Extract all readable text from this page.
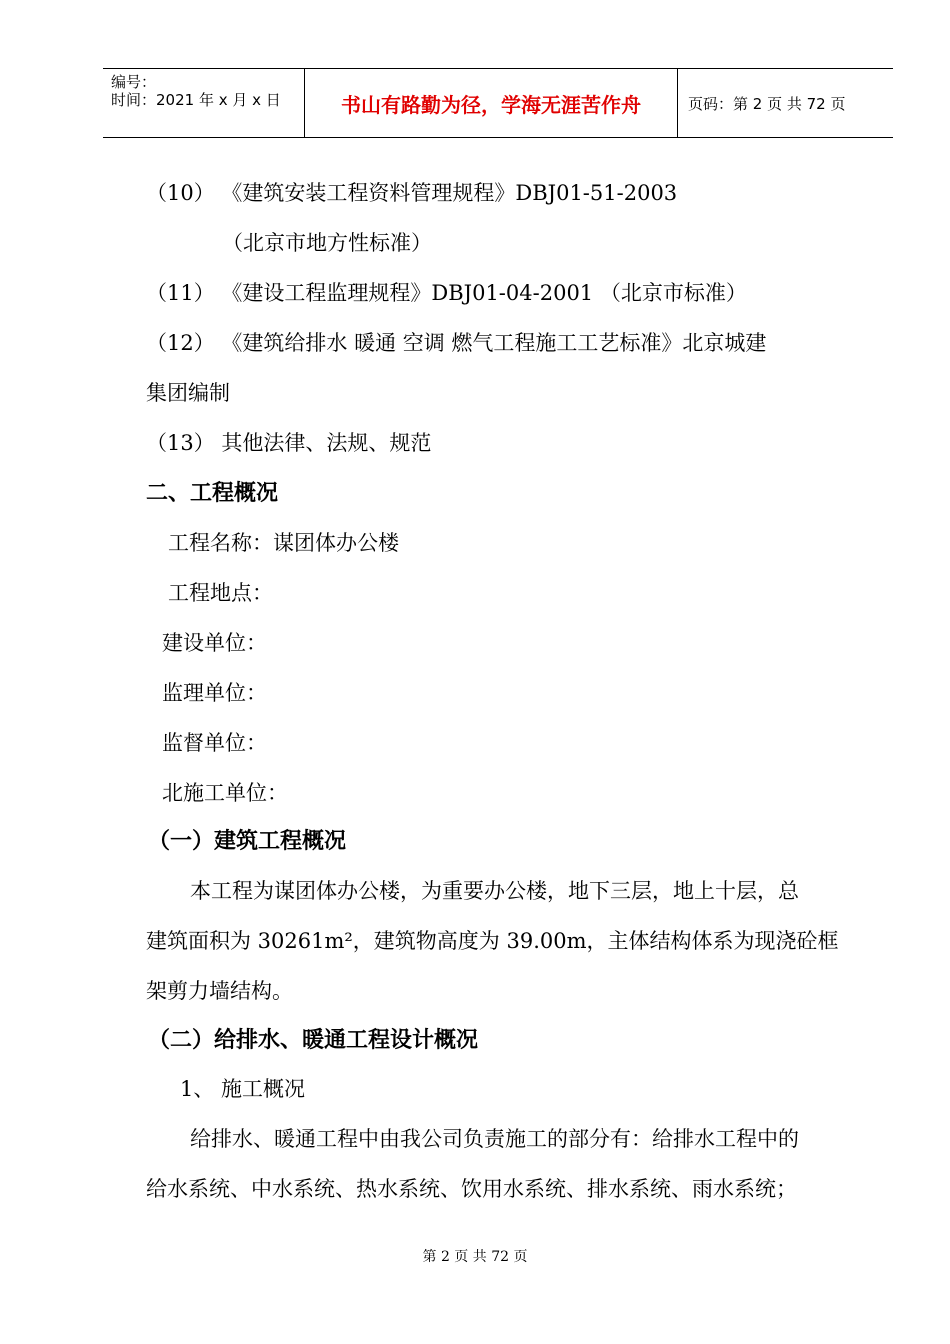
编号：
时间：2021 年 x 月 x 日	书山有路勤为径，学海无涯苦作舟	页码：第 2 页 共 72 页
（10） 《建筑安装工程资料管理规程》DBJ01-51-2003
（北京市地方性标准）
（11） 《建设工程监理规程》DBJ01-04-2001 （北京市标准）
（12） 《建筑给排水 暖通 空调 燃气工程施工工艺标准》北京城建
集团编制
（13） 其他法律、法规、规范
二、工程概况
工程名称：谋团体办公楼
工程地点：
建设单位：
监理单位：
监督单位：
北施工单位：
（一）建筑工程概况
本工程为谋团体办公楼，为重要办公楼，地下三层，地上十层，总
建筑面积为 30261m²，建筑物高度为 39.00m，主体结构体系为现浇砼框
架剪力墙结构。
（二）给排水、暖通工程设计概况
1、 施工概况
给排水、暖通工程中由我公司负责施工的部分有：给排水工程中的
给水系统、中水系统、热水系统、饮用水系统、排水系统、雨水系统；
第 2 页 共 72 页
